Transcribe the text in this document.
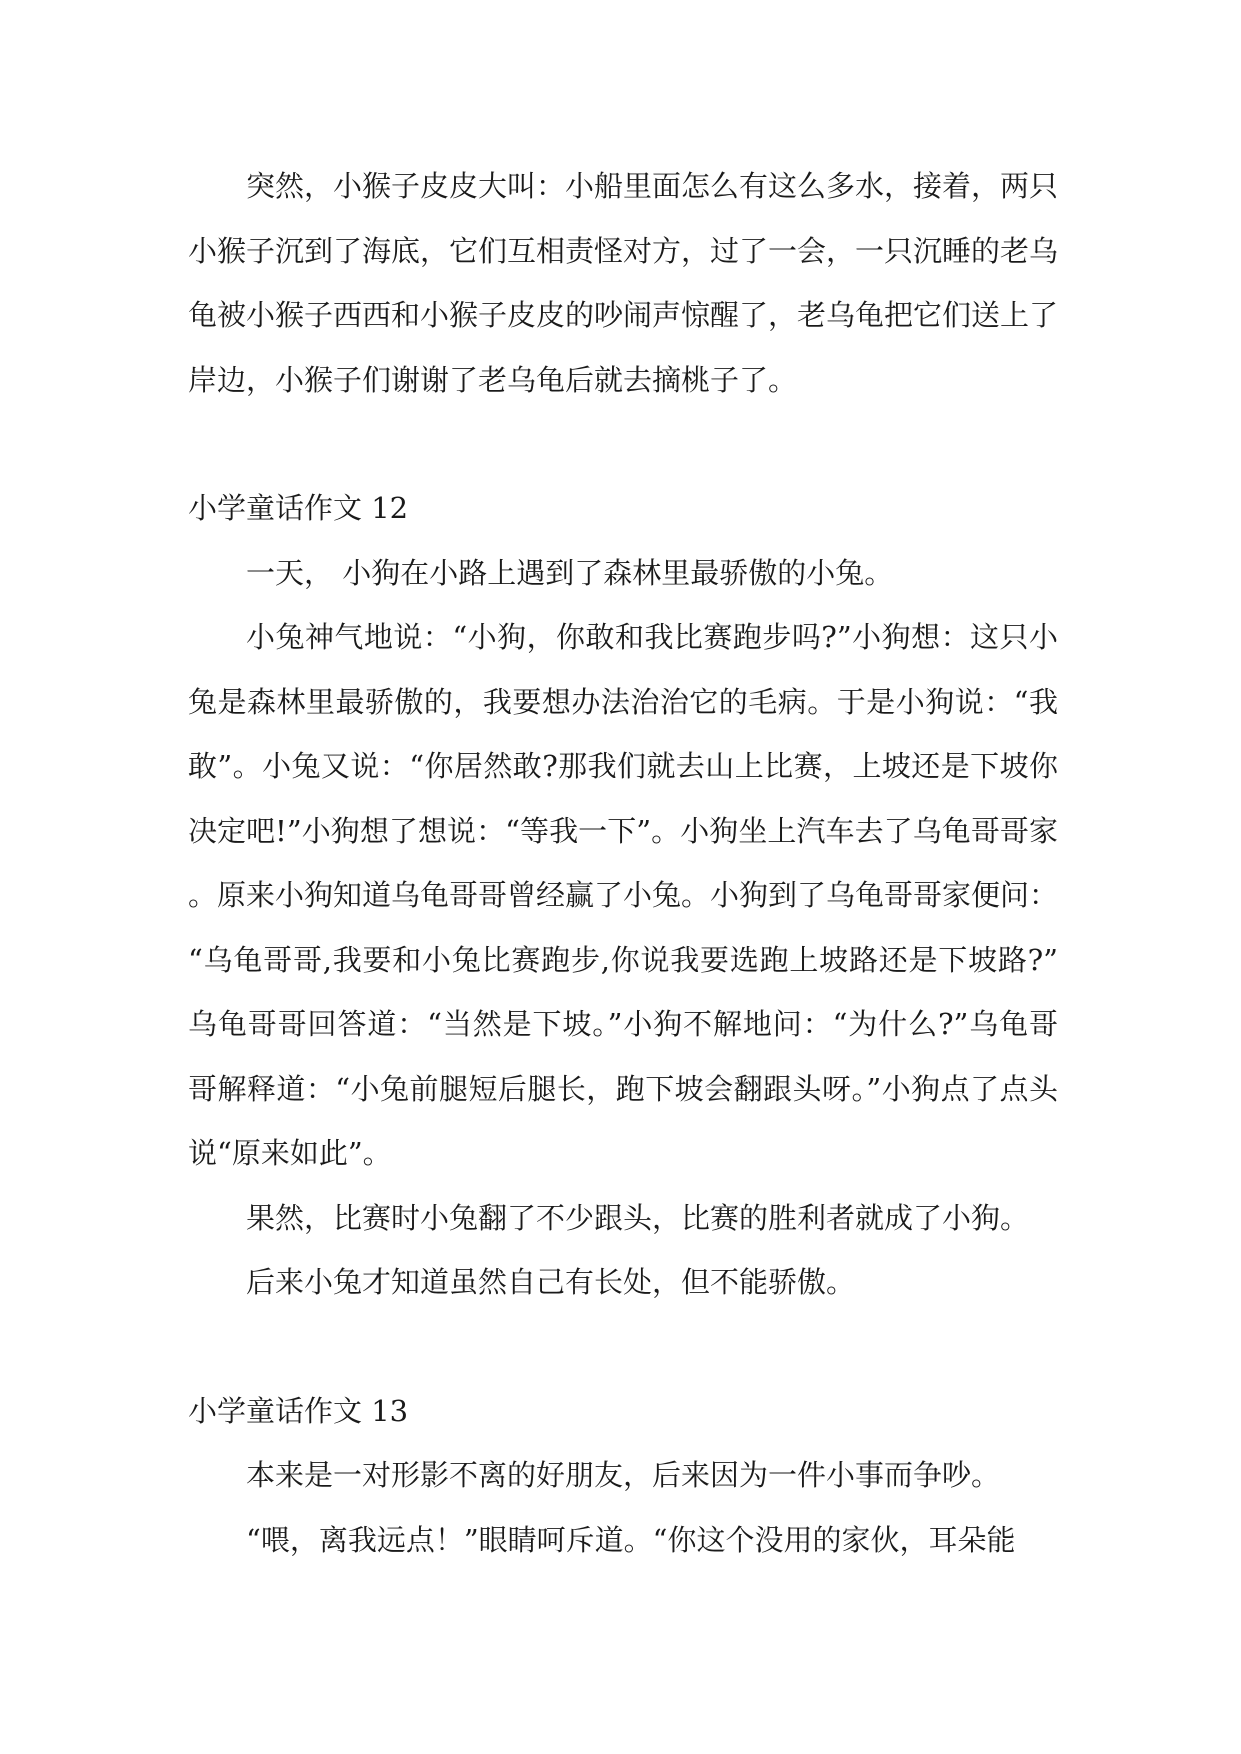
突然，小猴子皮皮大叫：小船里面怎么有这么多水，接着，两只小猴子沉到了海底，它们互相责怪对方，过了一会，一只沉睡的老乌龟被小猴子西西和小猴子皮皮的吵闹声惊醒了，老乌龟把它们送上了岸边，小猴子们谢谢了老乌龟后就去摘桃子了。

小学童话作文 12

一天， 小狗在小路上遇到了森林里最骄傲的小兔。

小兔神气地说：“小狗，你敢和我比赛跑步吗?”小狗想：这只小兔是森林里最骄傲的，我要想办法治治它的毛病。于是小狗说：“我敢”。小兔又说：“你居然敢?那我们就去山上比赛，上坡还是下坡你决定吧!”小狗想了想说：“等我一下”。小狗坐上汽车去了乌龟哥哥家。原来小狗知道乌龟哥哥曾经赢了小兔。小狗到了乌龟哥哥家便问：“乌龟哥哥,我要和小兔比赛跑步,你说我要选跑上坡路还是下坡路?”乌龟哥哥回答道：“当然是下坡。”小狗不解地问：“为什么?”乌龟哥哥解释道：“小兔前腿短后腿长，跑下坡会翻跟头呀。”小狗点了点头说“原来如此”。

果然，比赛时小兔翻了不少跟头，比赛的胜利者就成了小狗。

后来小兔才知道虽然自己有长处，但不能骄傲。

小学童话作文 13

本来是一对形影不离的好朋友，后来因为一件小事而争吵。

“喂，离我远点！”眼睛呵斥道。“你这个没用的家伙，耳朵能
